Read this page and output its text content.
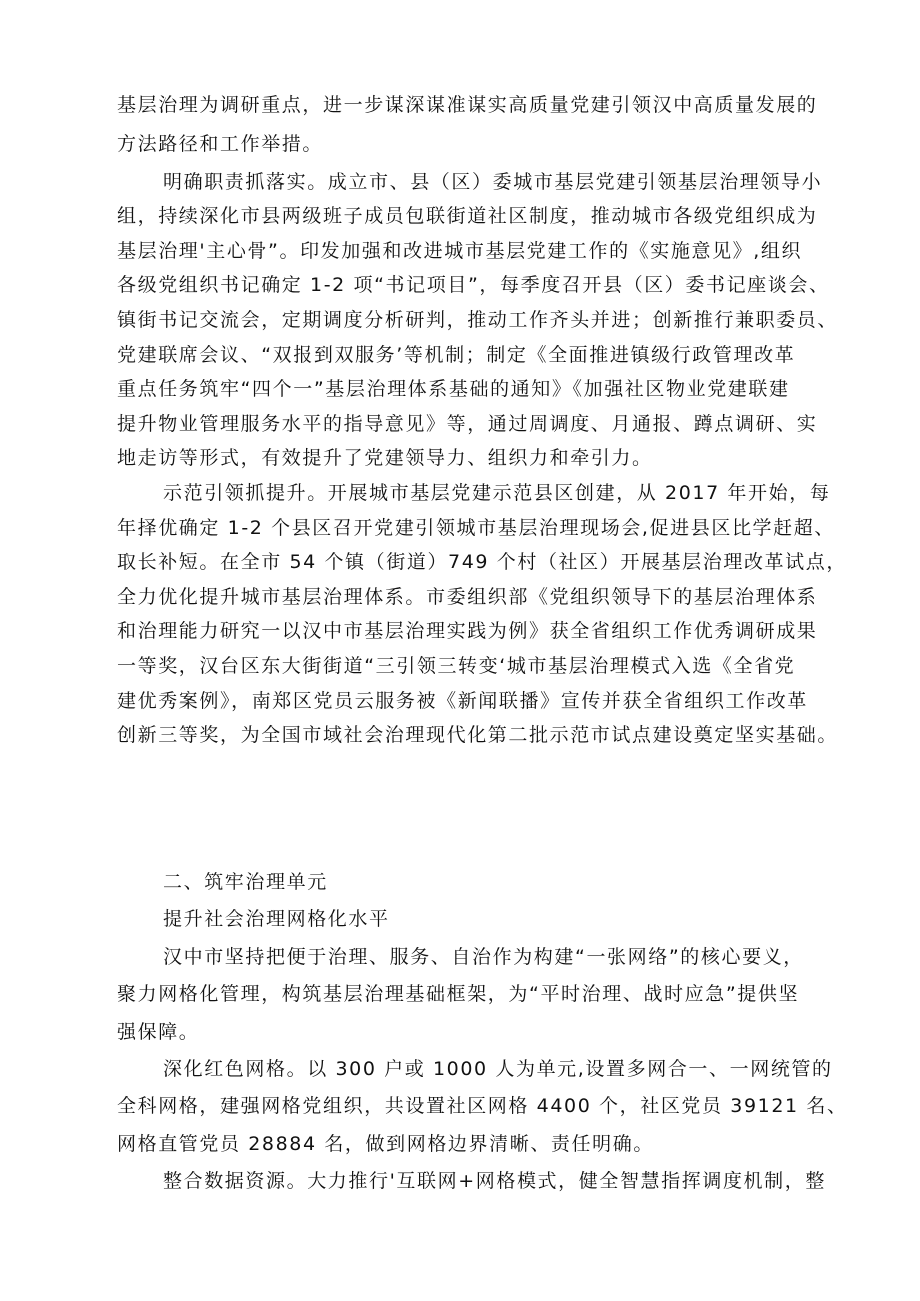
基层治理为调研重点，进一步谋深谋准谋实高质量党建引领汉中高质量发展的
方法路径和工作举措。
明确职责抓落实。成立市、县（区）委城市基层党建引领基层治理领导小
组，持续深化市县两级班子成员包联街道社区制度，推动城市各级党组织成为
基层治理'主心骨”。印发加强和改进城市基层党建工作的《实施意见》,组织
各级党组织书记确定 1-2 项“书记项目”，每季度召开县（区）委书记座谈会、
镇街书记交流会，定期调度分析研判，推动工作齐头并进；创新推行兼职委员、
党建联席会议、“双报到双服务’等机制；制定《全面推进镇级行政管理改革
重点任务筑牢“四个一”基层治理体系基础的通知》《加强社区物业党建联建
提升物业管理服务水平的指导意见》等，通过周调度、月通报、蹲点调研、实
地走访等形式，有效提升了党建领导力、组织力和牵引力。
示范引领抓提升。开展城市基层党建示范县区创建，从 2017 年开始，每
年择优确定 1-2 个县区召开党建引领城市基层治理现场会,促进县区比学赶超、
取长补短。在全市 54 个镇（街道）749 个村（社区）开展基层治理改革试点，
全力优化提升城市基层治理体系。市委组织部《党组织领导下的基层治理体系
和治理能力研究一以汉中市基层治理实践为例》获全省组织工作优秀调研成果
一等奖，汉台区东大街街道“三引领三转变‘城市基层治理模式入选《全省党
建优秀案例》，南郑区党员云服务被《新闻联播》宣传并获全省组织工作改革
创新三等奖，为全国市域社会治理现代化第二批示范市试点建设奠定坚实基础。
二、筑牢治理单元
提升社会治理网格化水平
汉中市坚持把便于治理、服务、自治作为构建“一张网络”的核心要义，
聚力网格化管理，构筑基层治理基础框架，为“平时治理、战时应急”提供坚
强保障。
深化红色网格。以 300 户或 1000 人为单元,设置多网合一、一网统管的
全科网格，建强网格党组织，共设置社区网格 4400 个，社区党员 39121 名、
网格直管党员 28884 名，做到网格边界清晰、责任明确。
整合数据资源。大力推行'互联网+网格模式，健全智慧指挥调度机制，整
